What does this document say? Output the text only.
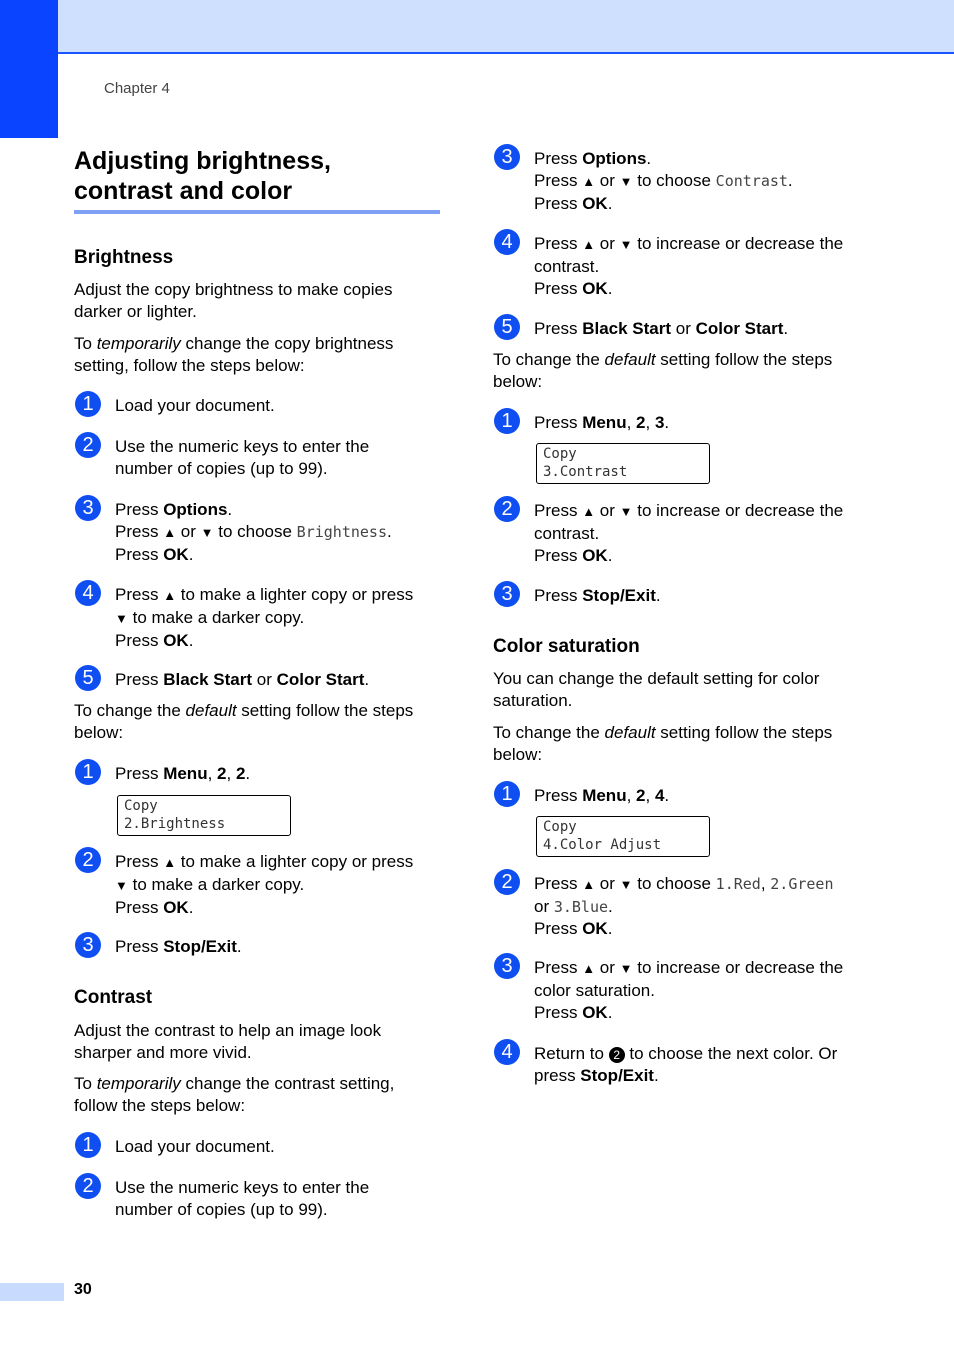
Chapter 4
Adjusting brightness,
contrast and color
Brightness
Adjust the copy brightness to make copies
darker or lighter.
To temporarily change the copy brightness
setting, follow the steps below:
1	Load your document.
2	Use the numeric keys to enter the
number of copies (up to 99).
3	Press Options.
Press ▲ or ▼ to choose Brightness.
Press OK.
4	Press ▲ to make a lighter copy or press
▼ to make a darker copy.
Press OK.
5	Press Black Start or Color Start.
To change the default setting follow the steps
below:
1	Press Menu, 2, 2.
Copy
2.Brightness
2	Press ▲ to make a lighter copy or press
▼ to make a darker copy.
Press OK.
3	Press Stop/Exit.
Contrast
Adjust the contrast to help an image look
sharper and more vivid.
To temporarily change the contrast setting,
follow the steps below:
1	Load your document.
2	Use the numeric keys to enter the
number of copies (up to 99).
3	Press Options.
Press ▲ or ▼ to choose Contrast.
Press OK.
4	Press ▲ or ▼ to increase or decrease the
contrast.
Press OK.
5	Press Black Start or Color Start.
To change the default setting follow the steps
below:
1	Press Menu, 2, 3.
Copy
3.Contrast
2	Press ▲ or ▼ to increase or decrease the
contrast.
Press OK.
3	Press Stop/Exit.
Color saturation
You can change the default setting for color
saturation.
To change the default setting follow the steps
below:
1	Press Menu, 2, 4.
Copy
4.Color Adjust
2	Press ▲ or ▼ to choose 1.Red, 2.Green
or 3.Blue.
Press OK.
3	Press ▲ or ▼ to increase or decrease the
color saturation.
Press OK.
4	Return to 2 to choose the next color. Or
press Stop/Exit.
30
